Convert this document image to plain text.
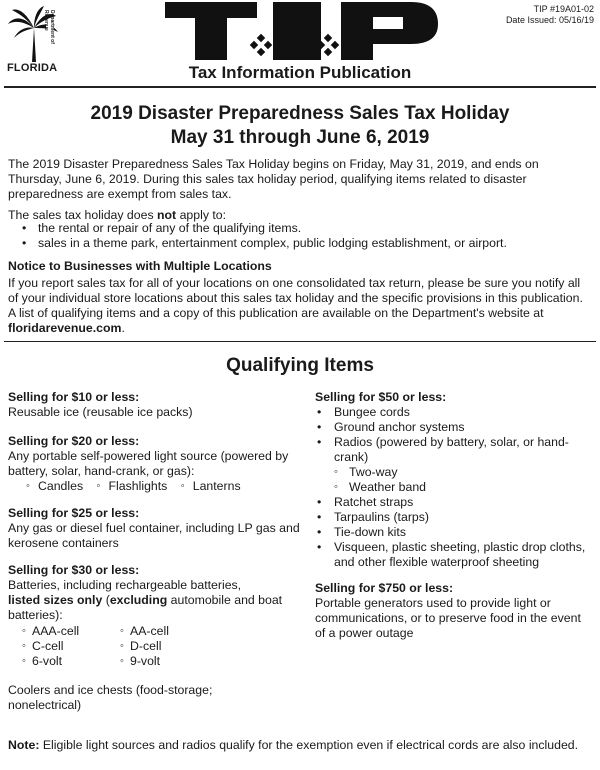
Department of Revenue
FLORIDA
TIP #19A01-02
Date Issued: 05/16/19
Tax Information Publication
2019 Disaster Preparedness Sales Tax Holiday
May 31 through June 6, 2019
The 2019 Disaster Preparedness Sales Tax Holiday begins on Friday, May 31, 2019, and ends on Thursday, June 6, 2019. During this sales tax holiday period, qualifying items related to disaster preparedness are exempt from sales tax.
The sales tax holiday does not apply to:
• the rental or repair of any of the qualifying items.
• sales in a theme park, entertainment complex, public lodging establishment, or airport.
Notice to Businesses with Multiple Locations
If you report sales tax for all of your locations on one consolidated tax return, please be sure you notify all of your individual store locations about this sales tax holiday and the specific provisions in this publication. A list of qualifying items and a copy of this publication are available on the Department's website at floridarevenue.com.
Qualifying Items
Selling for $10 or less:
Reusable ice (reusable ice packs)
Selling for $20 or less:
Any portable self-powered light source (powered by battery, solar, hand-crank, or gas):
◦ Candles ◦ Flashlights ◦ Lanterns
Selling for $25 or less:
Any gas or diesel fuel container, including LP gas and kerosene containers
Selling for $30 or less:
Batteries, including rechargeable batteries,
listed sizes only (excluding automobile and boat batteries):
◦ AAA-cell	◦ AA-cell
◦ C-cell	◦ D-cell
◦ 6-volt	◦ 9-volt
Coolers and ice chests (food-storage; nonelectrical)
Selling for $50 or less:
• Bungee cords
• Ground anchor systems
• Radios (powered by battery, solar, or hand-crank)
◦ Two-way
◦ Weather band
• Ratchet straps
• Tarpaulins (tarps)
• Tie-down kits
• Visqueen, plastic sheeting, plastic drop cloths, and other flexible waterproof sheeting
Selling for $750 or less:
Portable generators used to provide light or communications, or to preserve food in the event of a power outage
Note: Eligible light sources and radios qualify for the exemption even if electrical cords are also included.
